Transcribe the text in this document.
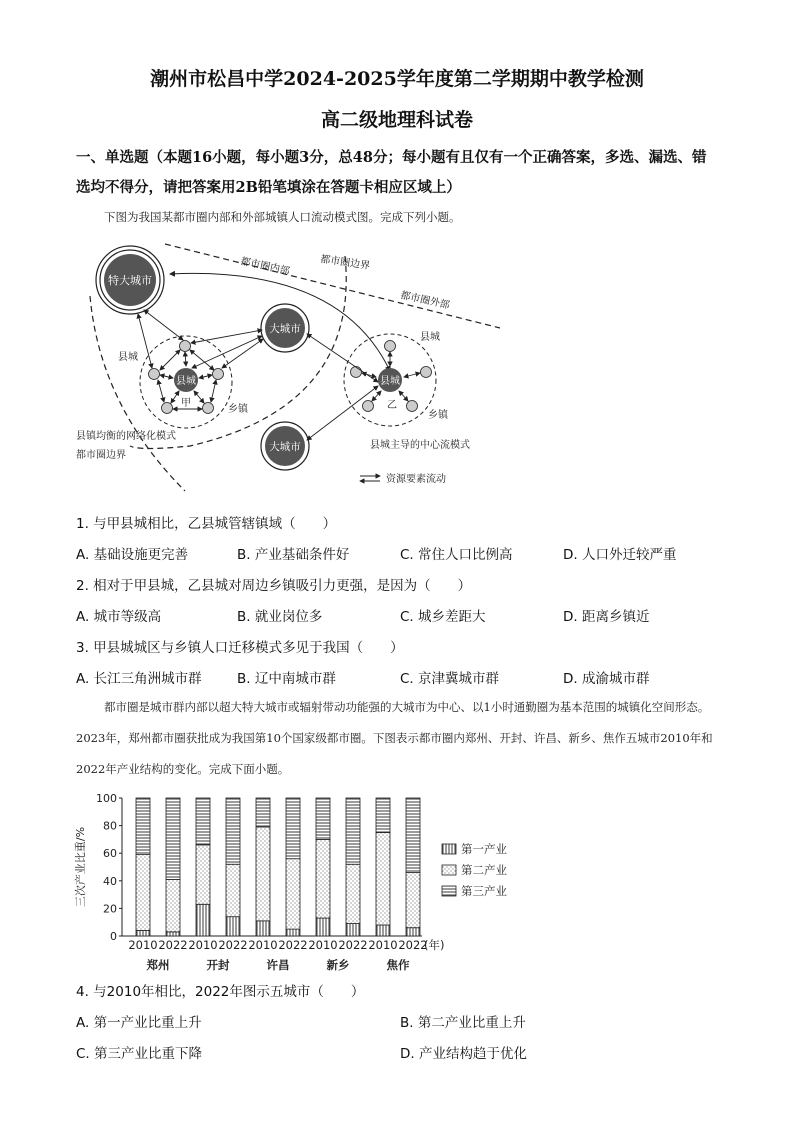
潮州市松昌中学2024-2025学年度第二学期期中教学检测
高二级地理科试卷
一、单选题（本题16小题，每小题3分，总48分；每小题有且仅有一个正确答案，多选、漏选、错选均不得分，请把答案用2B铅笔填涂在答题卡相应区域上）
下图为我国某都市圈内部和外部城镇人口流动模式图。完成下列小题。
特大城市
大城市
大城市
县城
甲
县城
乙
都市圈内部	都市圈边界
都市圈外部
县城
县城
乡镇
乡镇
县镇均衡的网络化模式
都市圈边界
县城主导的中心流模式
资源要素流动
1. 与甲县城相比，乙县城管辖镇域（　　）
A. 基础设施更完善	B. 产业基础条件好	C. 常住人口比例高	D. 人口外迁较严重
2. 相对于甲县城，乙县城对周边乡镇吸引力更强，是因为（　　）
A. 城市等级高	B. 就业岗位多	C. 城乡差距大	D. 距离乡镇近
3. 甲县城城区与乡镇人口迁移模式多见于我国（　　）
A. 长江三角洲城市群	B. 辽中南城市群	C. 京津冀城市群	D. 成渝城市群
都市圈是城市群内部以超大特大城市或辐射带动功能强的大城市为中心、以1小时通勤圈为基本范围的城镇化空间形态。2023年，郑州都市圈获批成为我国第10个国家级都市圈。下图表示都市圈内郑州、开封、许昌、新乡、焦作五城市2010年和2022年产业结构的变化。完成下面小题。
0
20
40
60
80
100
三次产业比重/%
2010 2022 2010 2022 2010 2022 2010 2022 2010 2022
(年)
郑州	开封	许昌	新乡	焦作
第一产业
第二产业
第三产业
4. 与2010年相比，2022年图示五城市（　　）
A. 第一产业比重上升	B. 第二产业比重上升
C. 第三产业比重下降	D. 产业结构趋于优化
